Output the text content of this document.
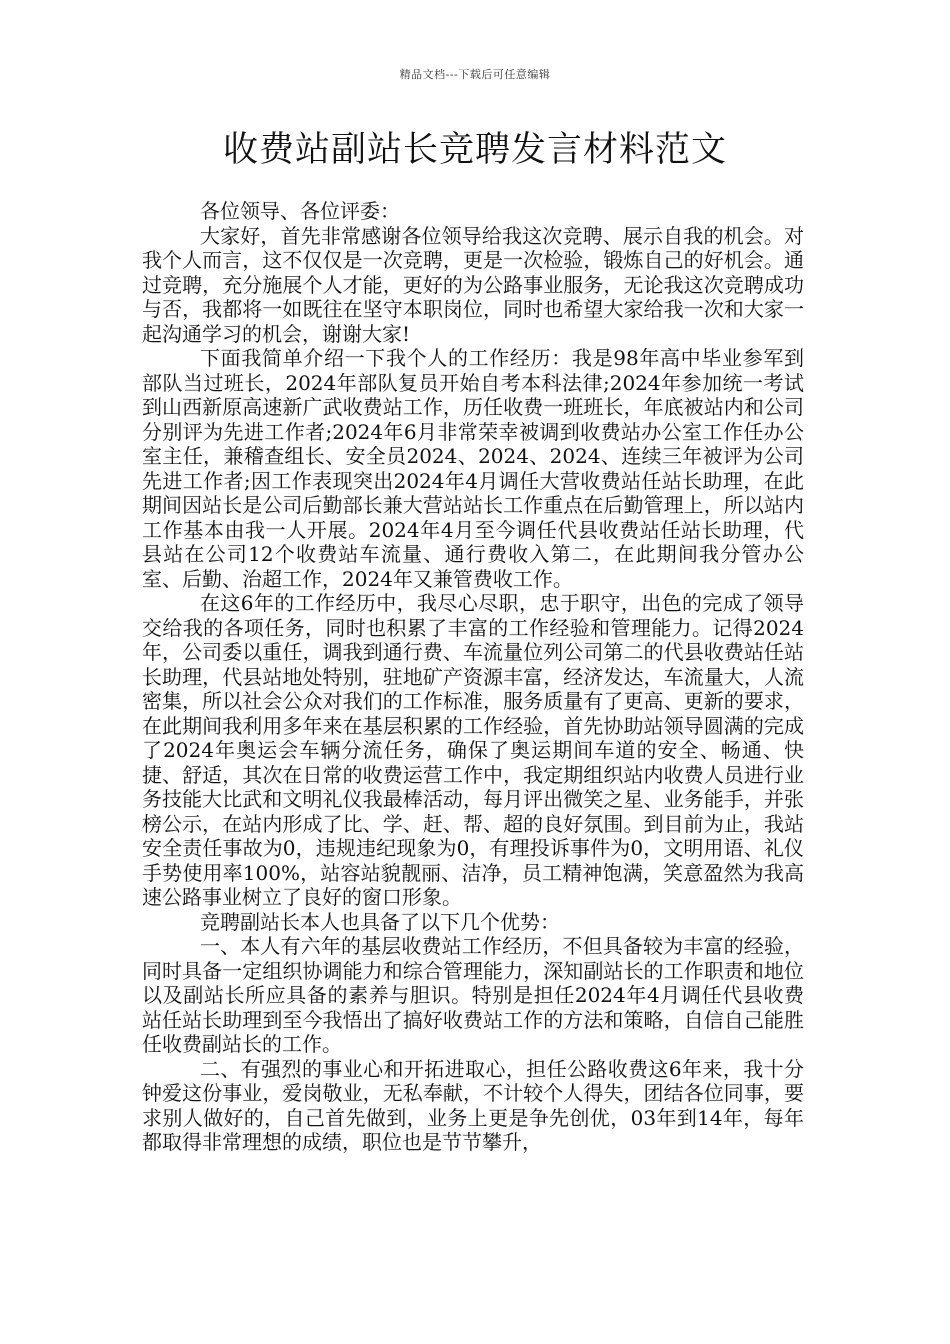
精品文档---下载后可任意编辑
收费站副站长竞聘发言材料范文

各位领导、各位评委：

大家好，首先非常感谢各位领导给我这次竞聘、展示自我的机会。对我个人而言，这不仅仅是一次竞聘，更是一次检验，锻炼自己的好机会。通过竞聘，充分施展个人才能，更好的为公路事业服务，无论我这次竞聘成功与否，我都将一如既往在坚守本职岗位，同时也希望大家给我一次和大家一起沟通学习的机会，谢谢大家!

下面我简单介绍一下我个人的工作经历：我是98年高中毕业参军到部队当过班长，2024年部队复员开始自考本科法律;2024年参加统一考试到山西新原高速新广武收费站工作，历任收费一班班长，年底被站内和公司分别评为先进工作者;2024年6月非常荣幸被调到收费站办公室工作任办公室主任，兼稽查组长、安全员2024、2024、2024、连续三年被评为公司先进工作者;因工作表现突出2024年4月调任大营收费站任站长助理，在此期间因站长是公司后勤部长兼大营站站长工作重点在后勤管理上，所以站内工作基本由我一人开展。2024年4月至今调任代县收费站任站长助理，代县站在公司12个收费站车流量、通行费收入第二，在此期间我分管办公室、后勤、治超工作，2024年又兼管费收工作。

在这6年的工作经历中，我尽心尽职，忠于职守，出色的完成了领导交给我的各项任务，同时也积累了丰富的工作经验和管理能力。记得2024年，公司委以重任，调我到通行费、车流量位列公司第二的代县收费站任站长助理，代县站地处特别，驻地矿产资源丰富，经济发达，车流量大，人流密集，所以社会公众对我们的工作标准，服务质量有了更高、更新的要求，在此期间我利用多年来在基层积累的工作经验，首先协助站领导圆满的完成了2024年奥运会车辆分流任务，确保了奥运期间车道的安全、畅通、快捷、舒适，其次在日常的收费运营工作中，我定期组织站内收费人员进行业务技能大比武和文明礼仪我最棒活动，每月评出微笑之星、业务能手，并张榜公示，在站内形成了比、学、赶、帮、超的良好氛围。到目前为止，我站安全责任事故为0，违规违纪现象为0，有理投诉事件为0，文明用语、礼仪手势使用率100%，站容站貌靓丽、洁净，员工精神饱满，笑意盈然为我高速公路事业树立了良好的窗口形象。

竞聘副站长本人也具备了以下几个优势：

一、本人有六年的基层收费站工作经历，不但具备较为丰富的经验，同时具备一定组织协调能力和综合管理能力，深知副站长的工作职责和地位以及副站长所应具备的素养与胆识。特别是担任2024年4月调任代县收费站任站长助理到至今我悟出了搞好收费站工作的方法和策略，自信自己能胜任收费副站长的工作。

二、有强烈的事业心和开拓进取心，担任公路收费这6年来，我十分钟爱这份事业，爱岗敬业，无私奉献，不计较个人得失，团结各位同事，要求别人做好的，自己首先做到，业务上更是争先创优，03年到14年，每年都取得非常理想的成绩，职位也是节节攀升，
